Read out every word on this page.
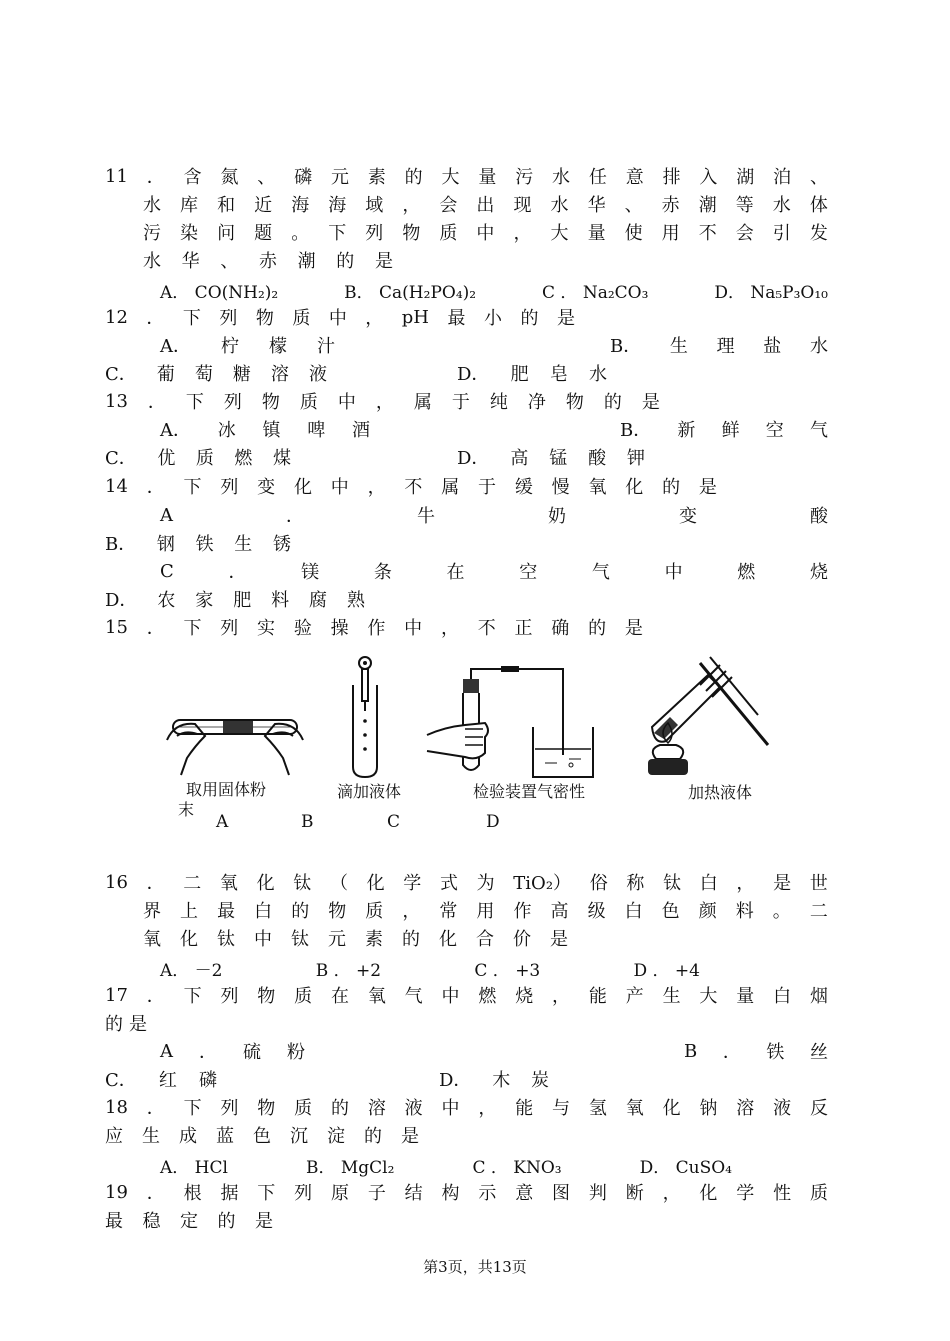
11 ． 含 氮 、 磷 元 素 的 大 量 污 水 任 意 排 入 湖 泊 、
水 库 和 近 海 海 域 ， 会 出 现 水 华 、 赤 潮 等 水 体
污 染 问 题 。 下 列 物 质 中 ， 大 量 使 用 不 会 引 发
水 华 、 赤 潮 的 是
A． CO(NH₂)₂	B． Ca(H₂PO₄)₂	C ． Na₂CO₃	D． Na₅P₃O₁₀
12 ． 下 列 物 质 中 ， pH 最 小 的 是
A． 柠 檬 汁	B． 生 理 盐 水
C． 葡 萄 糖 溶 液	D． 肥 皂 水
13 ． 下 列 物 质 中 ， 属 于 纯 净 物 的 是
A． 冰 镇 啤 酒	B． 新 鲜 空 气
C． 优 质 燃 煤	D． 高 锰 酸 钾
14 ． 下 列 变 化 中 ， 不 属 于 缓 慢 氧 化 的 是
A	．	牛	奶	变	酸
B． 钢 铁 生 锈
C	．	镁	条	在	空	气	中	燃	烧
D． 农 家 肥 料 腐 熟
15 ． 下 列 实 验 操 作 中 ， 不 正 确 的 是
取用固体粉
末
滴加液体	检验装置气密性	加热液体
A	B	C	D
16 ． 二 氧 化 钛 （ 化 学 式 为 TiO₂） 俗 称 钛 白 ， 是 世
界 上 最 白 的 物 质 ， 常 用 作 高 级 白 色 颜 料 。 二
氧 化 钛 中 钛 元 素 的 化 合 价 是
A． －2	B ． +2	C ． +3	D ． +4
17 ． 下 列 物 质 在 氧 气 中 燃 烧 ， 能 产 生 大 量 白 烟
的 是
A ． 硫 粉	B ． 铁 丝
C． 红 磷	D． 木 炭
18 ． 下 列 物 质 的 溶 液 中 ， 能 与 氢 氧 化 钠 溶 液 反
应 生 成 蓝 色 沉 淀 的 是
A． HCl	B． MgCl₂	C ． KNO₃	D． CuSO₄
19 ． 根 据 下 列 原 子 结 构 示 意 图 判 断 ， 化 学 性 质
最 稳 定 的 是
第3页，共13页
